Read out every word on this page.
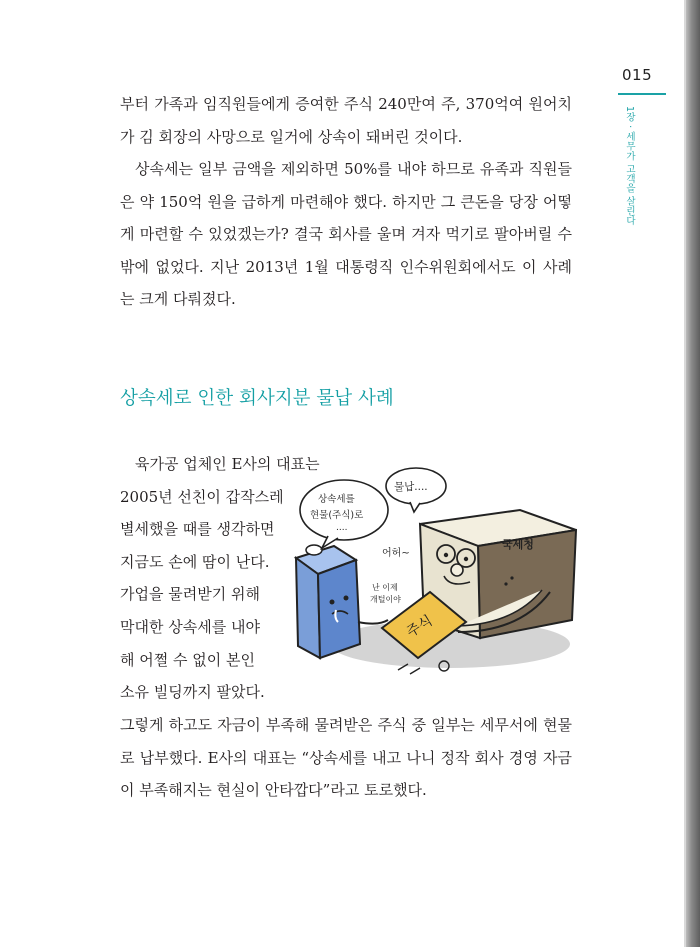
015
1장 · 세무가 고객을 살린다

부터 가족과 임직원들에게 증여한 주식 240만여 주, 370억여 원어치가 김 회장의 사망으로 일거에 상속이 돼버린 것이다.

상속세는 일부 금액을 제외하면 50%를 내야 하므로 유족과 직원들은 약 150억 원을 급하게 마련해야 했다. 하지만 그 큰돈을 당장 어떻게 마련할 수 있었겠는가? 결국 회사를 울며 겨자 먹기로 팔아버릴 수밖에 없었다. 지난 2013년 1월 대통령직 인수위원회에서도 이 사례는 크게 다뤄졌다.

상속세로 인한 회사지분 물납 사례
육가공 업체인 E사의 대표는
2005년 선친이 갑작스레
별세했을 때를 생각하면
지금도 손에 땀이 난다.
가업을 물려받기 위해
막대한 상속세를 내야
해 어쩔 수 없이 본인
소유 빌딩까지 팔았다.

그렇게 하고도 자금이 부족해 물려받은 주식 중 일부는 세무서에 현물로 납부했다. E사의 대표는 “상속세를 내고 나니 정작 회사 경영 자금이 부족해지는 현실이 안타깝다”라고 토로했다.

국세청
주식
난 이제
개털이야
어허~
상속세를
현물(주식)로
....
물납....
